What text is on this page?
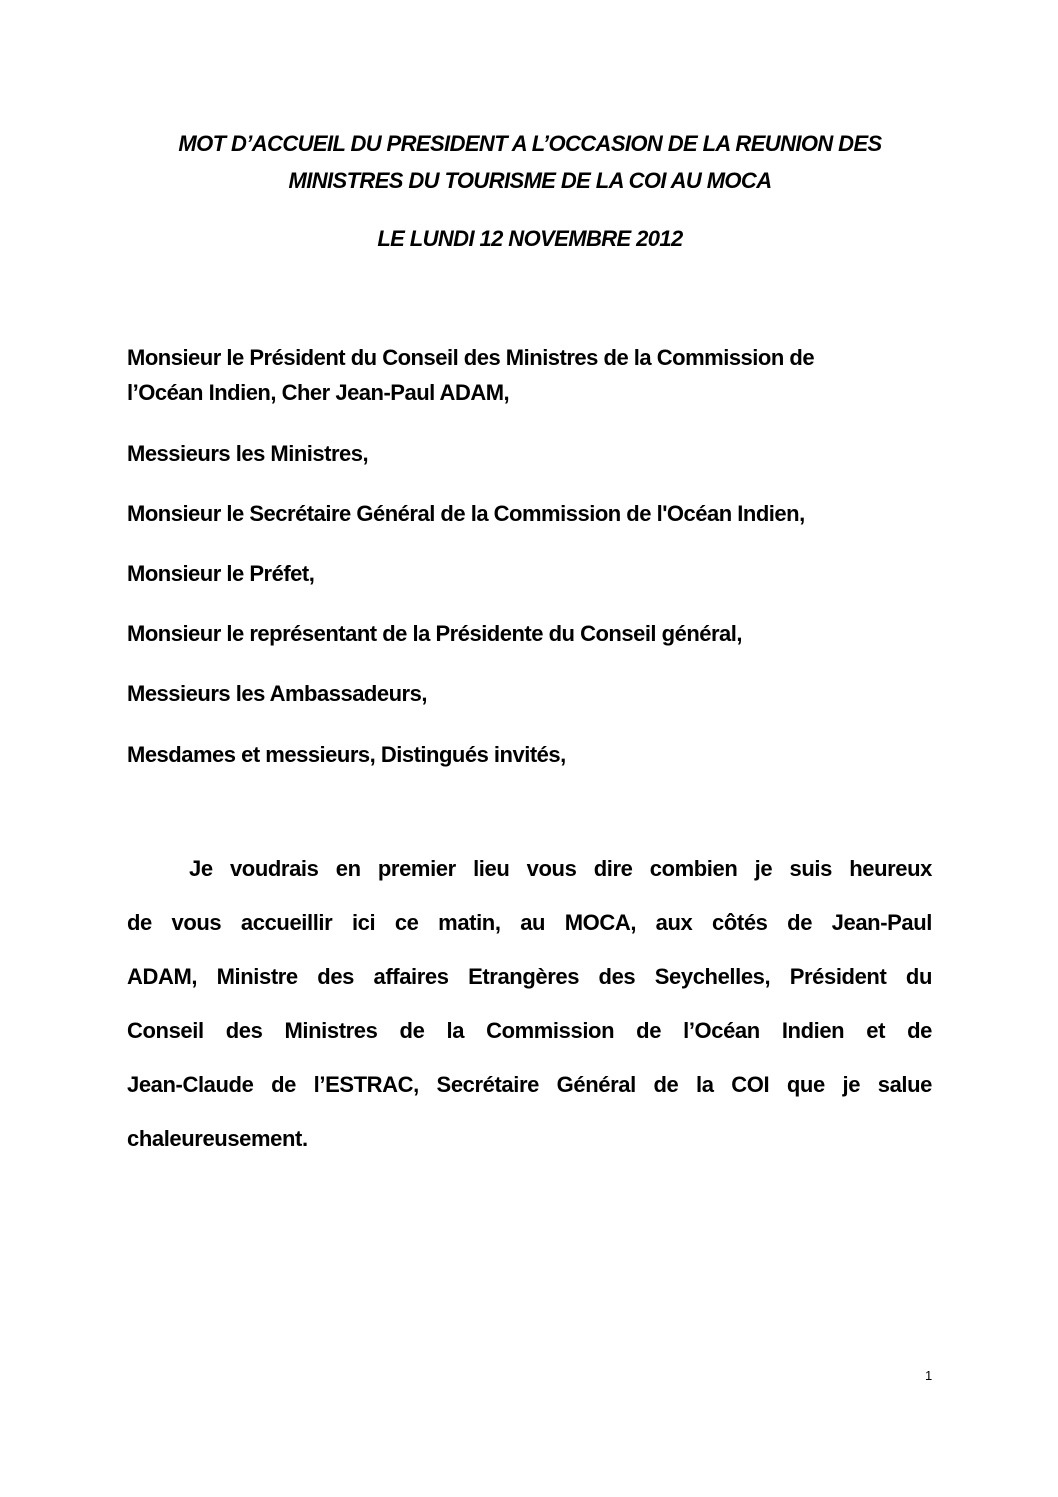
MOT D’ACCUEIL DU PRESIDENT A L’OCCASION DE LA REUNION DES
MINISTRES DU TOURISME DE LA COI AU MOCA
LE LUNDI 12 NOVEMBRE 2012
Monsieur le Président du Conseil des Ministres de la Commission de
l’Océan Indien, Cher Jean-Paul ADAM,
Messieurs les Ministres,
Monsieur le Secrétaire Général de la Commission de l'Océan Indien,
Monsieur le Préfet,
Monsieur le représentant de la Présidente du Conseil général,
Messieurs les Ambassadeurs,
Mesdames et messieurs, Distingués invités,
Je voudrais en premier lieu vous dire combien je suis heureux
de vous accueillir ici ce matin, au MOCA, aux côtés de Jean-Paul
ADAM, Ministre des affaires Etrangères des Seychelles, Président du
Conseil des Ministres de la Commission de l’Océan Indien et de
Jean-Claude de l’ESTRAC, Secrétaire Général de la COI que je salue
chaleureusement.
1
